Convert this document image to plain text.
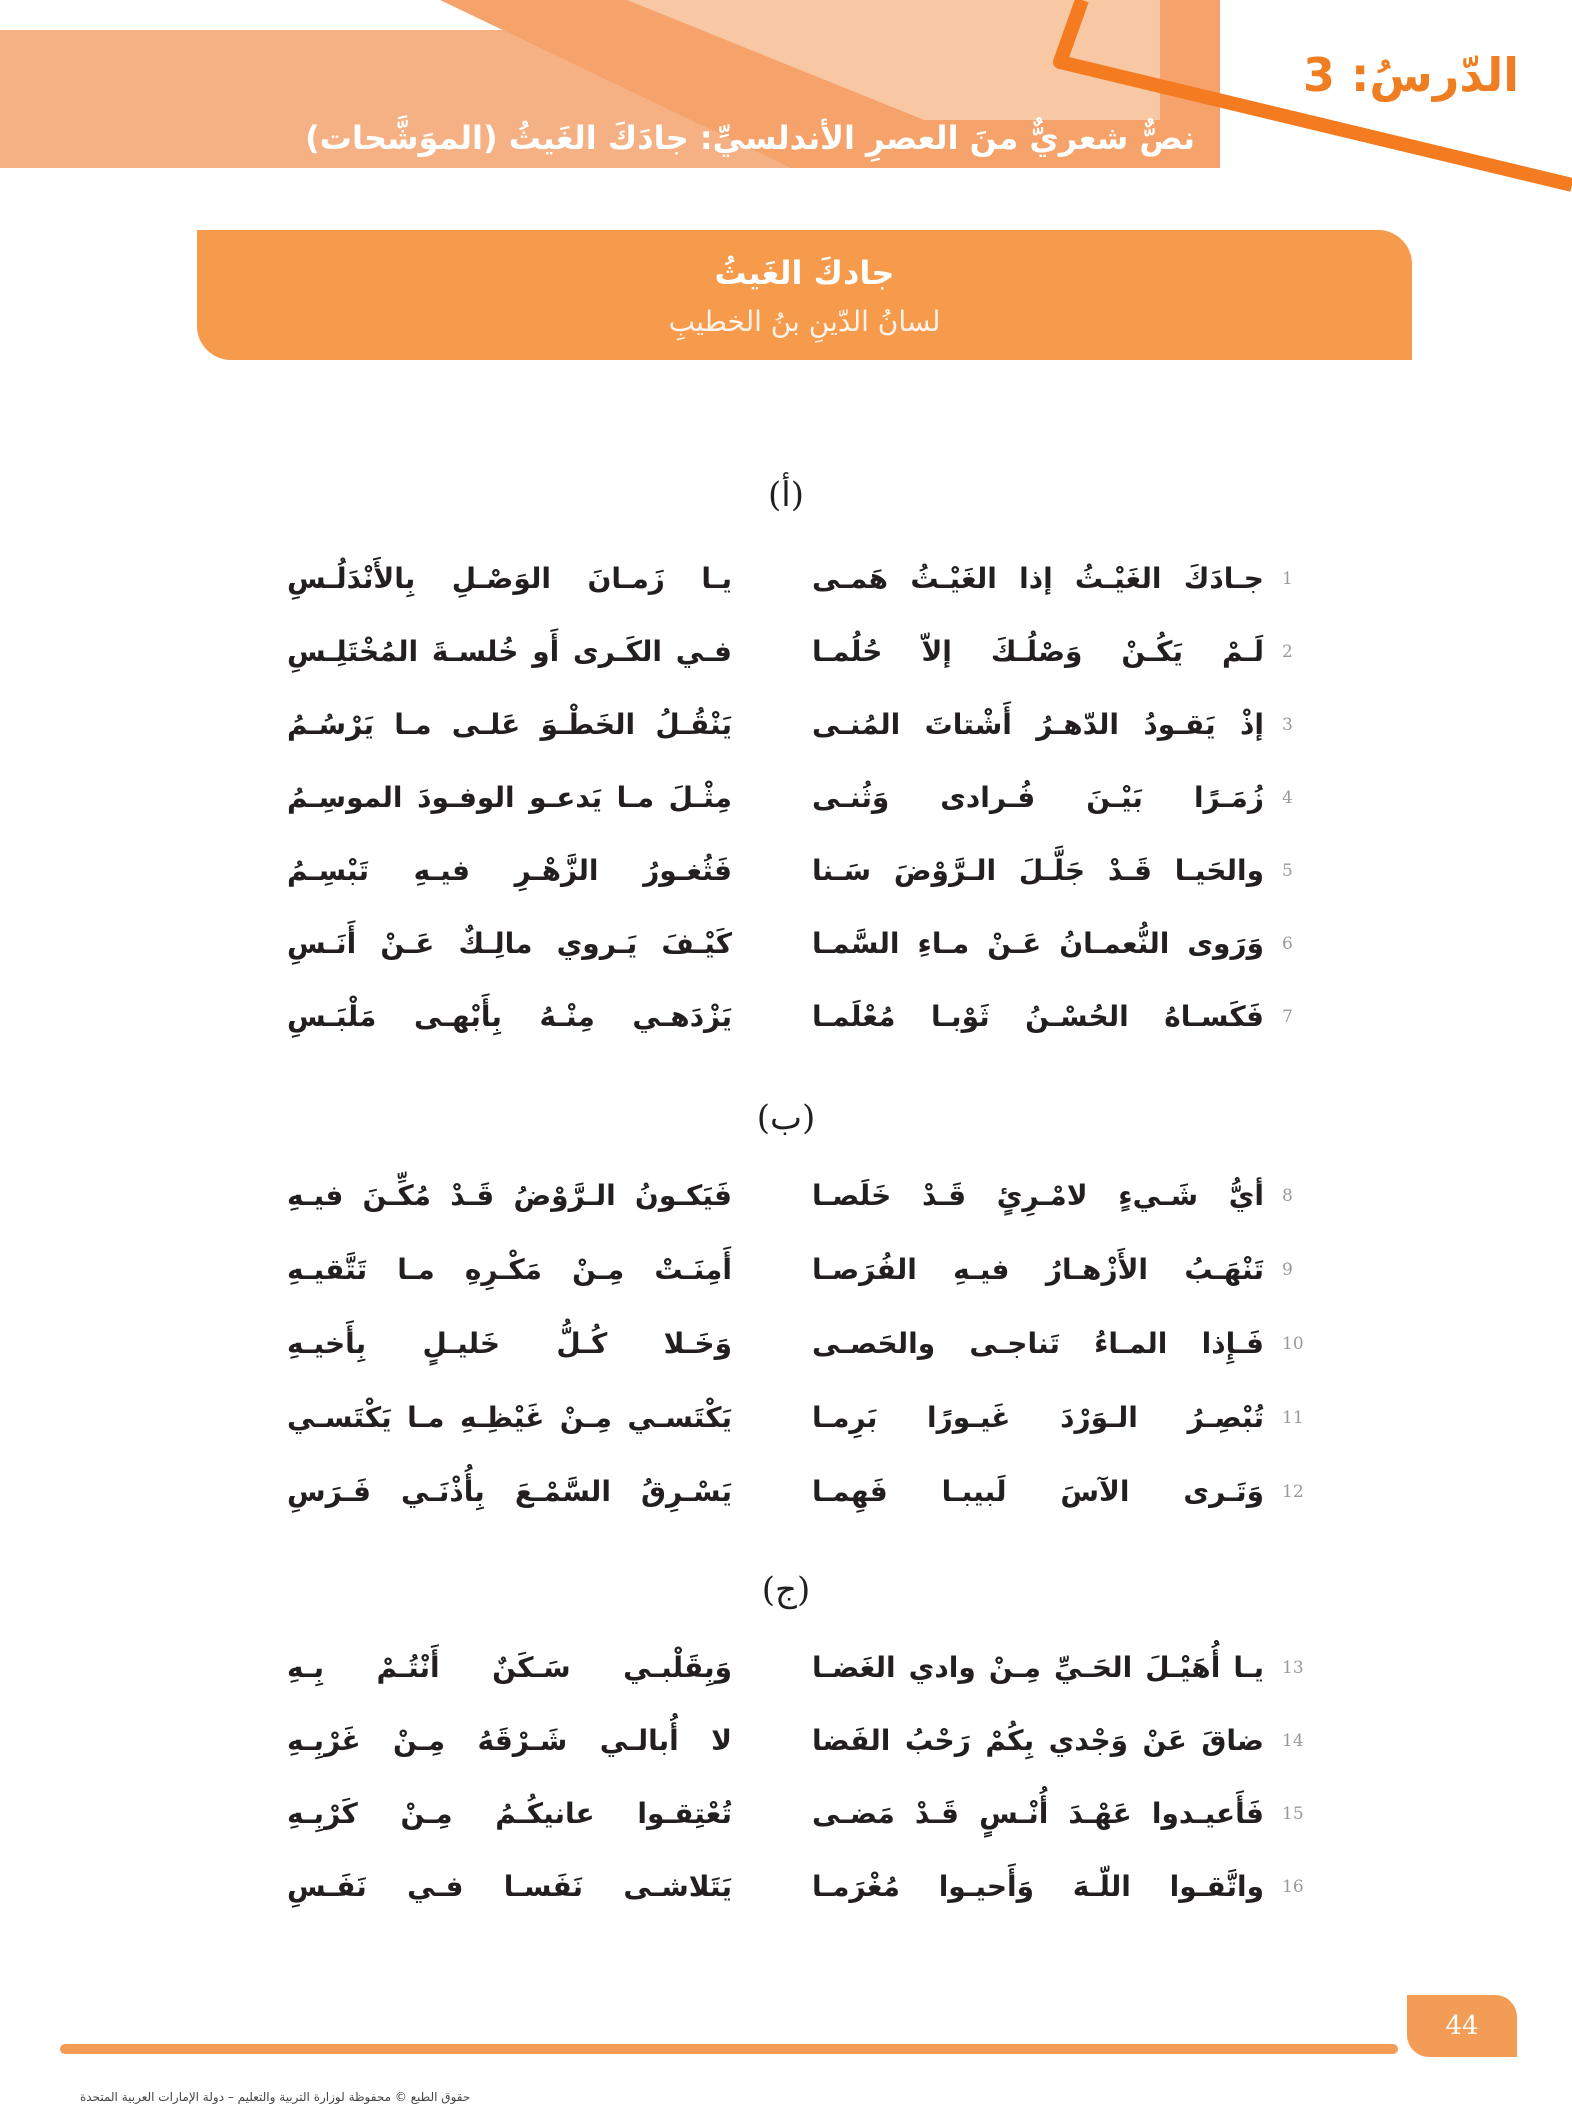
الدّرسُ: 3
نصٌّ شعريٌّ منَ العصرِ الأندلسيِّ: جادَكَ الغَيثُ (الموَشَّحات)
جادكَ الغَيثُ
لسانُ الدّينِ بنُ الخطيبِ
(أ)
1
جـادَكَ الغَيْـثُ إذا الغَيْـثُ هَمـى
يـا زَمـانَ الوَصْـلِ بِالأَنْدَلُـسِ
2
لَـمْ يَكُـنْ وَصْلُـكَ إلاّ حُلُمـا
فـي الكَـرى أَو خُلسـةَ المُخْتَلِـسِ
3
إذْ يَقـودُ الدّهـرُ أَشْتاتَ المُنـى
يَنْقُـلُ الخَطْـوَ عَلـى مـا يَرْسُـمُ
4
زُمَـرًا بَيْـنَ فُـرادى وَثُنـى
مِثْـلَ مـا يَدعـو الوفـودَ الموسِـمُ
5
والحَيـا قَـدْ جَلَّـلَ الـرَّوْضَ سَـنا
فَثُغـورُ الزَّهْـرِ فيـهِ تَبْسِـمُ
6
وَرَوى النُّعمـانُ عَـنْ مـاءِ السَّمـا
كَيْـفَ يَـروي مالِـكٌ عَـنْ أَنَـسِ
7
فَكَسـاهُ الحُسْـنُ ثَوْبـا مُعْلَمـا
يَزْدَهـي مِنْـهُ بِأَبْهـى مَلْبَـسِ
(ب)
8
أيُّ شَـيءٍ لامْـرِئٍ قَـدْ خَلَصـا
فَيَكـونُ الـرَّوْضُ قَـدْ مُكِّـنَ فيـهِ
9
تَنْهَـبُ الأَزْهـارُ فيـهِ الفُرَصـا
أَمِنَـتْ مِـنْ مَكْـرِهِ مـا تَتَّقيـهِ
10
فَـإِذا المـاءُ تَناجـى والحَصـى
وَخَـلا كُـلُّ خَليـلٍ بِأَخيـهِ
11
تُبْصِـرُ الـوَرْدَ غَيـورًا بَرِمـا
يَكْتَسـي مِـنْ غَيْظِـهِ مـا يَكْتَسـي
12
وَتَـرى الآسَ لَبيبـا فَهِمـا
يَسْـرِقُ السَّمْـعَ بِأُذْنَـي فَـرَسِ
(ج)
13
يـا أُهَيْـلَ الحَـيِّ مِـنْ وادي الغَضـا
وَبِقَلْبـي سَـكَنٌ أَنْتُـمْ بِـهِ
14
ضاقَ عَنْ وَجْدي بِكُمْ رَحْبُ الفَضا
لا أُبالـي شَـرْقَهُ مِـنْ غَرْبِـهِ
15
فَأَعيـدوا عَهْـدَ أُنْـسٍ قَـدْ مَضـى
تُعْتِقـوا عانيكُـمُ مِـنْ كَرْبِـهِ
16
واتَّقـوا اللّـهَ وَأَحيـوا مُغْرَمـا
يَتَلاشـى نَفَسـا فـي نَفَـسِ
44
حقوق الطبع © محفوظة لوزارة التربية والتعليم – دولة الإمارات العربية المتحدة
